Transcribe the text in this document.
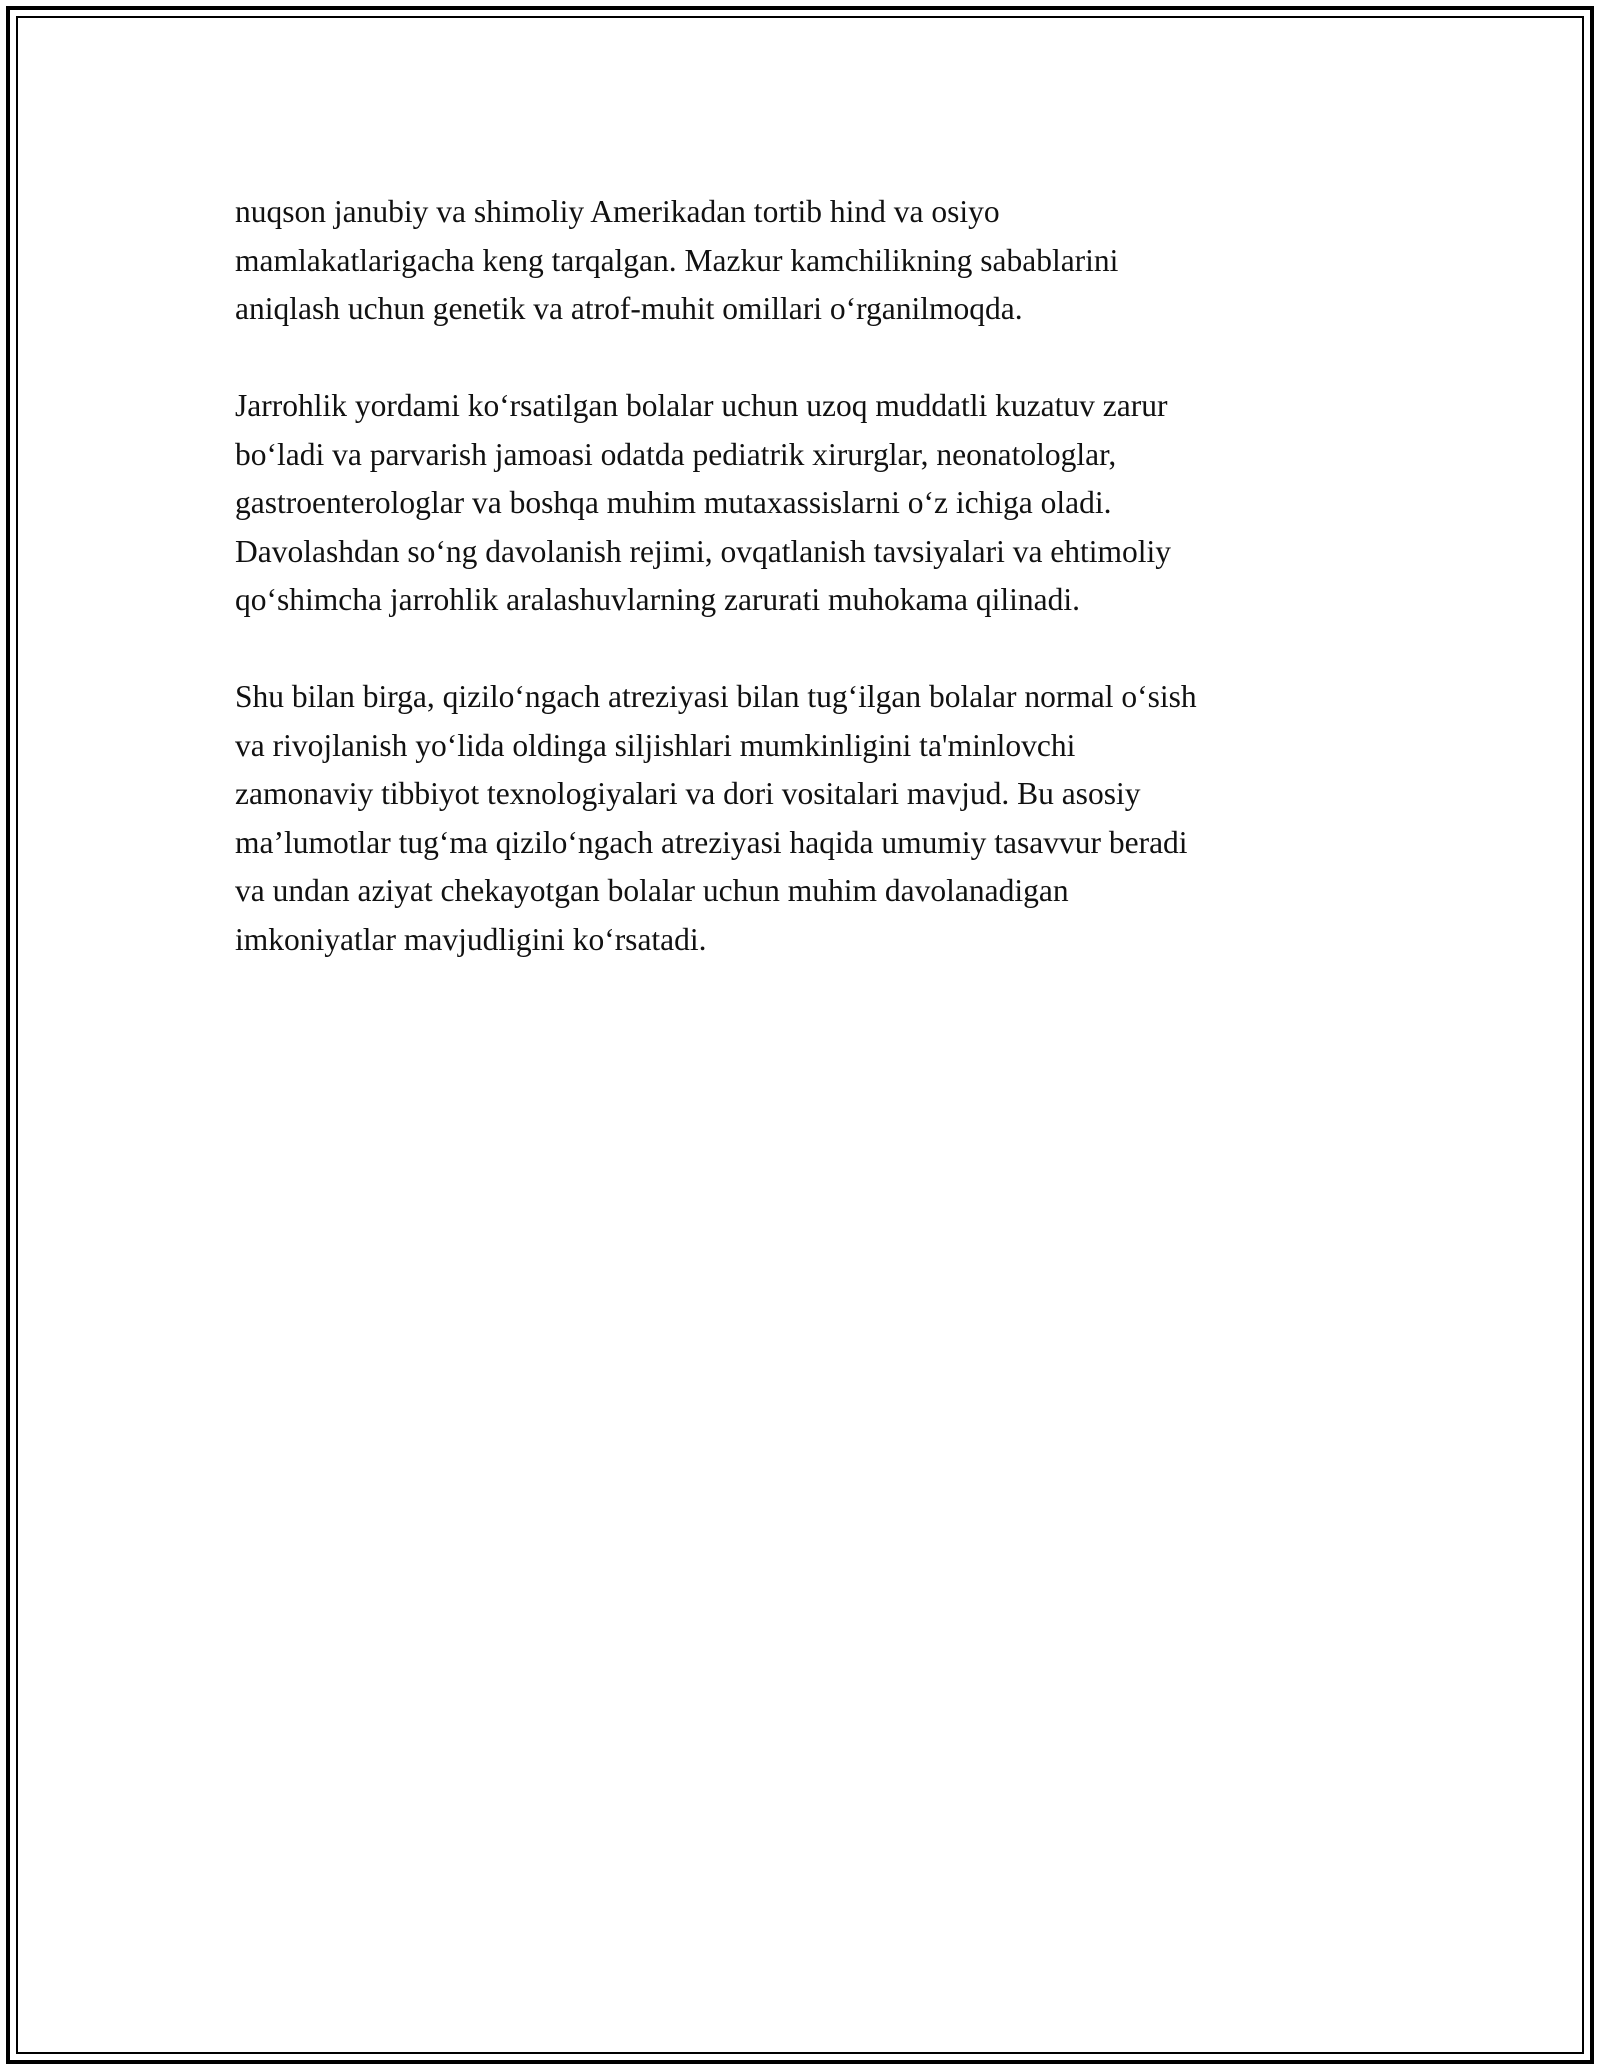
nuqson janubiy va shimoliy Amerikadan tortib hind va osiyo
mamlakatlarigacha keng tarqalgan. Mazkur kamchilikning sabablarini
aniqlash uchun genetik va atrof-muhit omillari o‘rganilmoqda.

Jarrohlik yordami ko‘rsatilgan bolalar uchun uzoq muddatli kuzatuv zarur
bo‘ladi va parvarish jamoasi odatda pediatrik xirurglar, neonatologlar,
gastroenterologlar va boshqa muhim mutaxassislarni o‘z ichiga oladi.
Davolashdan so‘ng davolanish rejimi, ovqatlanish tavsiyalari va ehtimoliy
qo‘shimcha jarrohlik aralashuvlarning zarurati muhokama qilinadi.

Shu bilan birga, qizilo‘ngach atreziyasi bilan tug‘ilgan bolalar normal o‘sish
va rivojlanish yo‘lida oldinga siljishlari mumkinligini ta'minlovchi
zamonaviy tibbiyot texnologiyalari va dori vositalari mavjud. Bu asosiy
ma’lumotlar tug‘ma qizilo‘ngach atreziyasi haqida umumiy tasavvur beradi
va undan aziyat chekayotgan bolalar uchun muhim davolanadigan
imkoniyatlar mavjudligini ko‘rsatadi.
